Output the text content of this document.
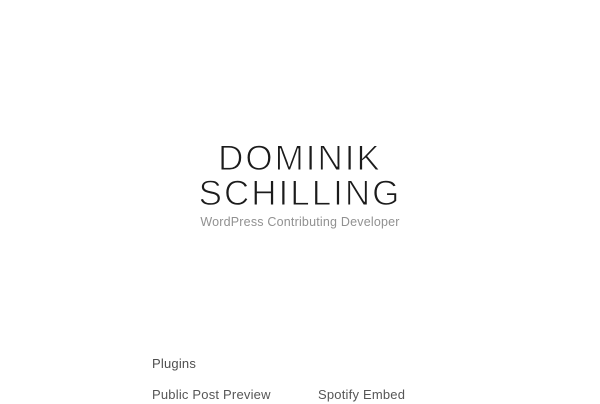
DOMINIK
SCHILLING

WordPress Contributing Developer

Plugins
Public Post Preview	Spotify Embed
